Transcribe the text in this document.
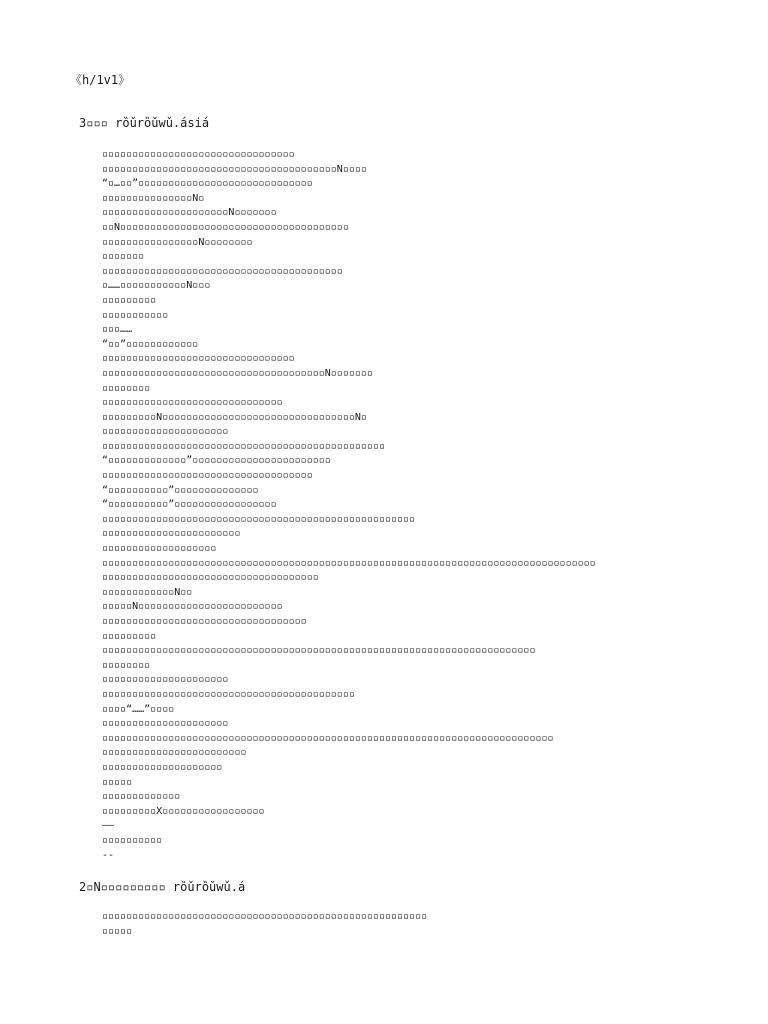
《h/1v1》
3▫▫▫ rȍǔrȍǔwǔ.ásiá
▫▫▫▫▫▫▫▫▫▫▫▫▫▫▫▫▫▫▫▫▫▫▫▫▫▫▫▫▫▫▫▫
▫▫▫▫▫▫▫▫▫▫▫▫▫▫▫▫▫▫▫▫▫▫▫▫▫▫▫▫▫▫▫▫▫▫▫▫▫▫▫N▫▫▫▫
“▫…▫▫”▫▫▫▫▫▫▫▫▫▫▫▫▫▫▫▫▫▫▫▫▫▫▫▫▫▫▫▫▫
▫▫▫▫▫▫▫▫▫▫▫▫▫▫▫N▫
▫▫▫▫▫▫▫▫▫▫▫▫▫▫▫▫▫▫▫▫▫N▫▫▫▫▫▫▫
▫▫N▫▫▫▫▫▫▫▫▫▫▫▫▫▫▫▫▫▫▫▫▫▫▫▫▫▫▫▫▫▫▫▫▫▫▫▫▫▫
▫▫▫▫▫▫▫▫▫▫▫▫▫▫▫▫N▫▫▫▫▫▫▫▫
▫▫▫▫▫▫▫
▫▫▫▫▫▫▫▫▫▫▫▫▫▫▫▫▫▫▫▫▫▫▫▫▫▫▫▫▫▫▫▫▫▫▫▫▫▫▫▫
▫……▫▫▫▫▫▫▫▫▫▫▫N▫▫▫
▫▫▫▫▫▫▫▫▫
▫▫▫▫▫▫▫▫▫▫▫
▫▫▫……
“▫▫”▫▫▫▫▫▫▫▫▫▫▫▫
▫▫▫▫▫▫▫▫▫▫▫▫▫▫▫▫▫▫▫▫▫▫▫▫▫▫▫▫▫▫▫▫
▫▫▫▫▫▫▫▫▫▫▫▫▫▫▫▫▫▫▫▫▫▫▫▫▫▫▫▫▫▫▫▫▫▫▫▫▫N▫▫▫▫▫▫▫
▫▫▫▫▫▫▫▫
▫▫▫▫▫▫▫▫▫▫▫▫▫▫▫▫▫▫▫▫▫▫▫▫▫▫▫▫▫▫
▫▫▫▫▫▫▫▫▫N▫▫▫▫▫▫▫▫▫▫▫▫▫▫▫▫▫▫▫▫▫▫▫▫▫▫▫▫▫▫▫▫N▫
▫▫▫▫▫▫▫▫▫▫▫▫▫▫▫▫▫▫▫▫▫
▫▫▫▫▫▫▫▫▫▫▫▫▫▫▫▫▫▫▫▫▫▫▫▫▫▫▫▫▫▫▫▫▫▫▫▫▫▫▫▫▫▫▫▫▫▫▫
“▫▫▫▫▫▫▫▫▫▫▫▫▫”▫▫▫▫▫▫▫▫▫▫▫▫▫▫▫▫▫▫▫▫▫▫▫
▫▫▫▫▫▫▫▫▫▫▫▫▫▫▫▫▫▫▫▫▫▫▫▫▫▫▫▫▫▫▫▫▫▫▫
“▫▫▫▫▫▫▫▫▫▫”▫▫▫▫▫▫▫▫▫▫▫▫▫▫
“▫▫▫▫▫▫▫▫▫▫”▫▫▫▫▫▫▫▫▫▫▫▫▫▫▫▫▫
▫▫▫▫▫▫▫▫▫▫▫▫▫▫▫▫▫▫▫▫▫▫▫▫▫▫▫▫▫▫▫▫▫▫▫▫▫▫▫▫▫▫▫▫▫▫▫▫▫▫▫▫
▫▫▫▫▫▫▫▫▫▫▫▫▫▫▫▫▫▫▫▫▫▫▫
▫▫▫▫▫▫▫▫▫▫▫▫▫▫▫▫▫▫▫
▫▫▫▫▫▫▫▫▫▫▫▫▫▫▫▫▫▫▫▫▫▫▫▫▫▫▫▫▫▫▫▫▫▫▫▫▫▫▫▫▫▫▫▫▫▫▫▫▫▫▫▫▫▫▫▫▫▫▫▫▫▫▫▫▫▫▫▫▫▫▫▫▫▫▫▫▫▫▫▫▫▫
▫▫▫▫▫▫▫▫▫▫▫▫▫▫▫▫▫▫▫▫▫▫▫▫▫▫▫▫▫▫▫▫▫▫▫▫
▫▫▫▫▫▫▫▫▫▫▫▫N▫▫
▫▫▫▫▫N▫▫▫▫▫▫▫▫▫▫▫▫▫▫▫▫▫▫▫▫▫▫▫▫
▫▫▫▫▫▫▫▫▫▫▫▫▫▫▫▫▫▫▫▫▫▫▫▫▫▫▫▫▫▫▫▫▫▫
▫▫▫▫▫▫▫▫▫
▫▫▫▫▫▫▫▫▫▫▫▫▫▫▫▫▫▫▫▫▫▫▫▫▫▫▫▫▫▫▫▫▫▫▫▫▫▫▫▫▫▫▫▫▫▫▫▫▫▫▫▫▫▫▫▫▫▫▫▫▫▫▫▫▫▫▫▫▫▫▫▫
▫▫▫▫▫▫▫▫
▫▫▫▫▫▫▫▫▫▫▫▫▫▫▫▫▫▫▫▫▫
▫▫▫▫▫▫▫▫▫▫▫▫▫▫▫▫▫▫▫▫▫▫▫▫▫▫▫▫▫▫▫▫▫▫▫▫▫▫▫▫▫▫
▫▫▫▫“……”▫▫▫▫
▫▫▫▫▫▫▫▫▫▫▫▫▫▫▫▫▫▫▫▫▫
▫▫▫▫▫▫▫▫▫▫▫▫▫▫▫▫▫▫▫▫▫▫▫▫▫▫▫▫▫▫▫▫▫▫▫▫▫▫▫▫▫▫▫▫▫▫▫▫▫▫▫▫▫▫▫▫▫▫▫▫▫▫▫▫▫▫▫▫▫▫▫▫▫▫▫
▫▫▫▫▫▫▫▫▫▫▫▫▫▫▫▫▫▫▫▫▫▫▫▫
▫▫▫▫▫▫▫▫▫▫▫▫▫▫▫▫▫▫▫▫
▫▫▫▫▫
▫▫▫▫▫▫▫▫▫▫▫▫▫
▫▫▫▫▫▫▫▫▫X▫▫▫▫▫▫▫▫▫▫▫▫▫▫▫▫▫
——
▫▫▫▫▫▫▫▫▫▫
--
2▫N▫▫▫▫▫▫▫▫▫ rȍǔrȍǔwǔ.á
▫▫▫▫▫▫▫▫▫▫▫▫▫▫▫▫▫▫▫▫▫▫▫▫▫▫▫▫▫▫▫▫▫▫▫▫▫▫▫▫▫▫▫▫▫▫▫▫▫▫▫▫▫▫
▫▫▫▫▫
